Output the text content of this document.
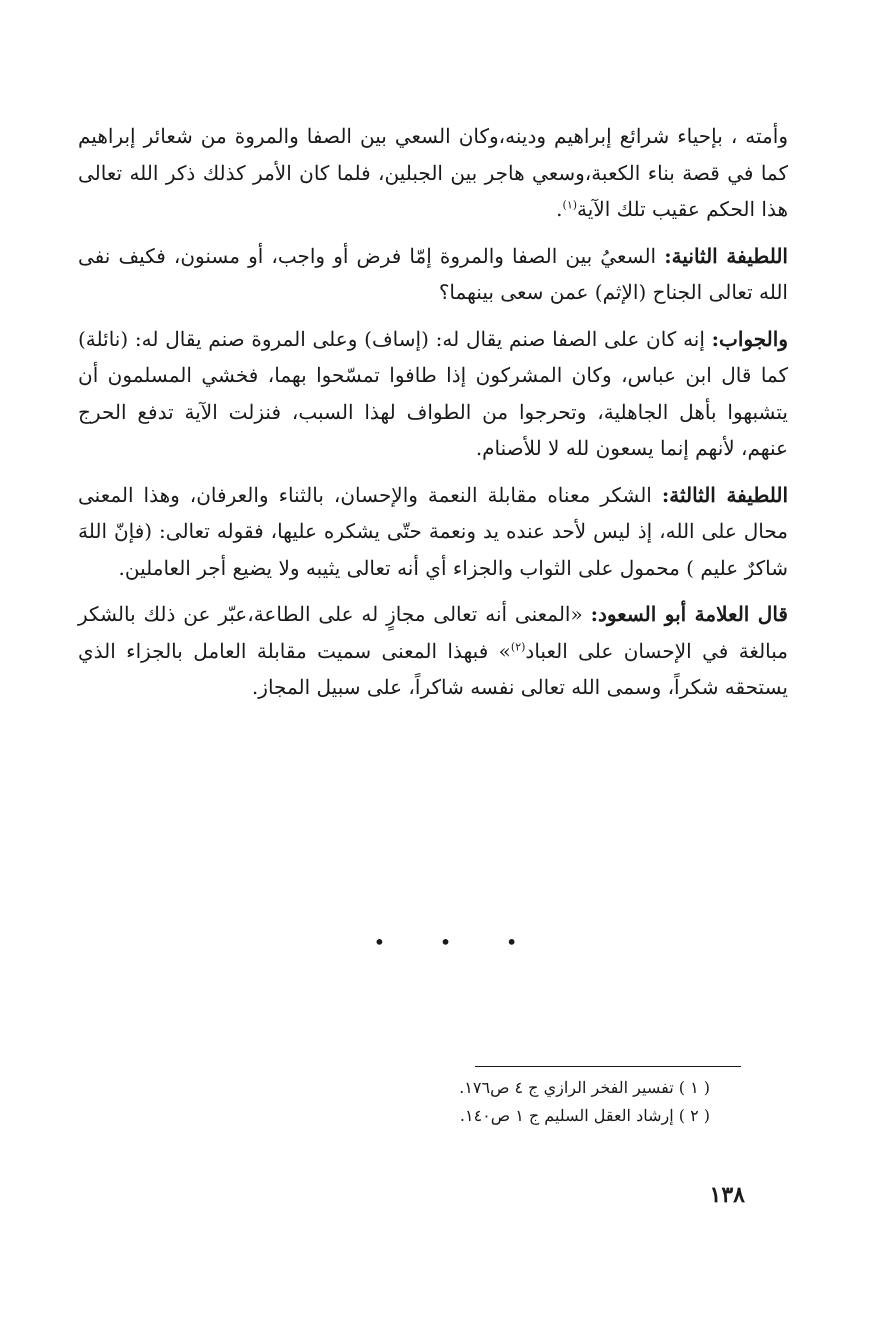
وأمته ، بإحياء شرائع إبراهيم ودينه،وكان السعي بين الصفا والمروة من شعائر إبراهيم كما في قصة بناء الكعبة،وسعي هاجر بين الجبلين، فلما كان الأمر كذلك ذكر الله تعالى هذا الحكم عقيب تلك الآية$^{(١)}$.

اللطيفة الثانية: السعيُ بين الصفا والمروة إمّا فرض أو واجب، أو مسنون، فكيف نفى الله تعالى الجناح (الإثم) عمن سعى بينهما؟

والجواب: إنه كان على الصفا صنم يقال له: (إساف) وعلى المروة صنم يقال له: (نائلة) كما قال ابن عباس، وكان المشركون إذا طافوا تمسّحوا بهما، فخشي المسلمون أن يتشبهوا بأهل الجاهلية، وتحرجوا من الطواف لهذا السبب، فنزلت الآية تدفع الحرج عنهم، لأنهم إنما يسعون لله لا للأصنام.

اللطيفة الثالثة: الشكر معناه مقابلة النعمة والإحسان، بالثناء والعرفان، وهذا المعنى محال على الله، إذ ليس لأحد عنده يد ونعمة حتّى يشكره عليها، فقوله تعالى: (فإنّ اللهَ شاكرٌ عليم ) محمول على الثواب والجزاء أي أنه تعالى يثيبه ولا يضيع أجر العاملين.

قال العلامة أبو السعود: «المعنى أنه تعالى مجازٍ له على الطاعة،عبّر عن ذلك بالشكر مبالغة في الإحسان على العباد$^{(٢)}$» فبهذا المعنى سميت مقابلة العامل بالجزاء الذي يستحقه شكراً، وسمى الله تعالى نفسه شاكراً، على سبيل المجاز.

• • •

( ١ ) تفسير الفخر الرازي ج ٤ ص١٧٦.

( ٢ ) إرشاد العقل السليم ج ١ ص١٤٠.

١٣٨
